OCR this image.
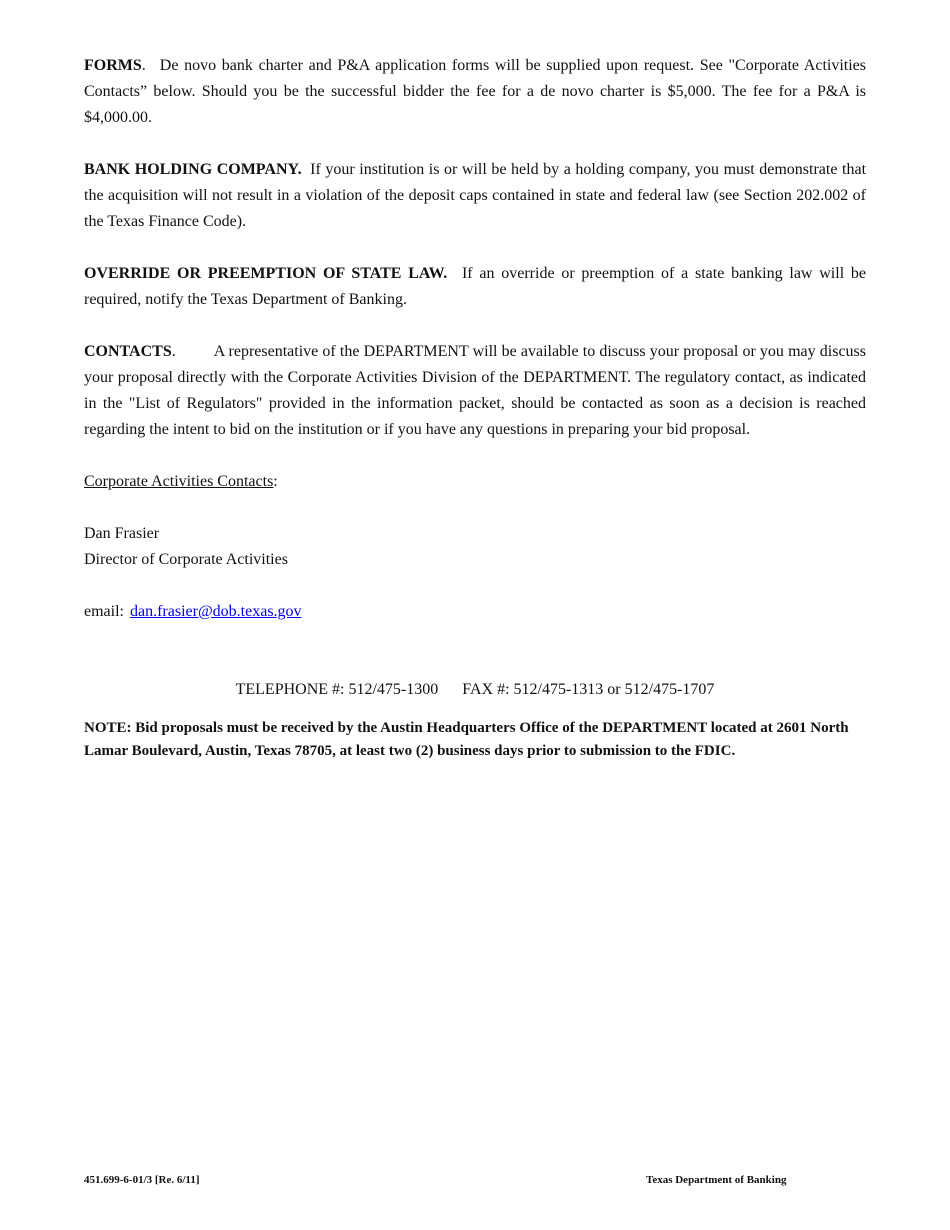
FORMS. De novo bank charter and P&A application forms will be supplied upon request. See "Corporate Activities Contacts” below. Should you be the successful bidder the fee for a de novo charter is $5,000. The fee for a P&A is $4,000.00.

BANK HOLDING COMPANY. If your institution is or will be held by a holding company, you must demonstrate that the acquisition will not result in a violation of the deposit caps contained in state and federal law (see Section 202.002 of the Texas Finance Code).

OVERRIDE OR PREEMPTION OF STATE LAW. If an override or preemption of a state banking law will be required, notify the Texas Department of Banking.

CONTACTS. A representative of the DEPARTMENT will be available to discuss your proposal or you may discuss your proposal directly with the Corporate Activities Division of the DEPARTMENT. The regulatory contact, as indicated in the "List of Regulators" provided in the information packet, should be contacted as soon as a decision is reached regarding the intent to bid on the institution or if you have any questions in preparing your bid proposal.

Corporate Activities Contacts:

Dan Frasier

Director of Corporate Activities

email: dan.frasier@dob.texas.gov

TELEPHONE #: 512/475-1300 FAX #: 512/475-1313 or 512/475-1707

NOTE: Bid proposals must be received by the Austin Headquarters Office of the DEPARTMENT located at 2601 North Lamar Boulevard, Austin, Texas 78705, at least two (2) business days prior to submission to the FDIC.

451.699-6-01/3 [Re. 6/11]	Texas Department of Banking
